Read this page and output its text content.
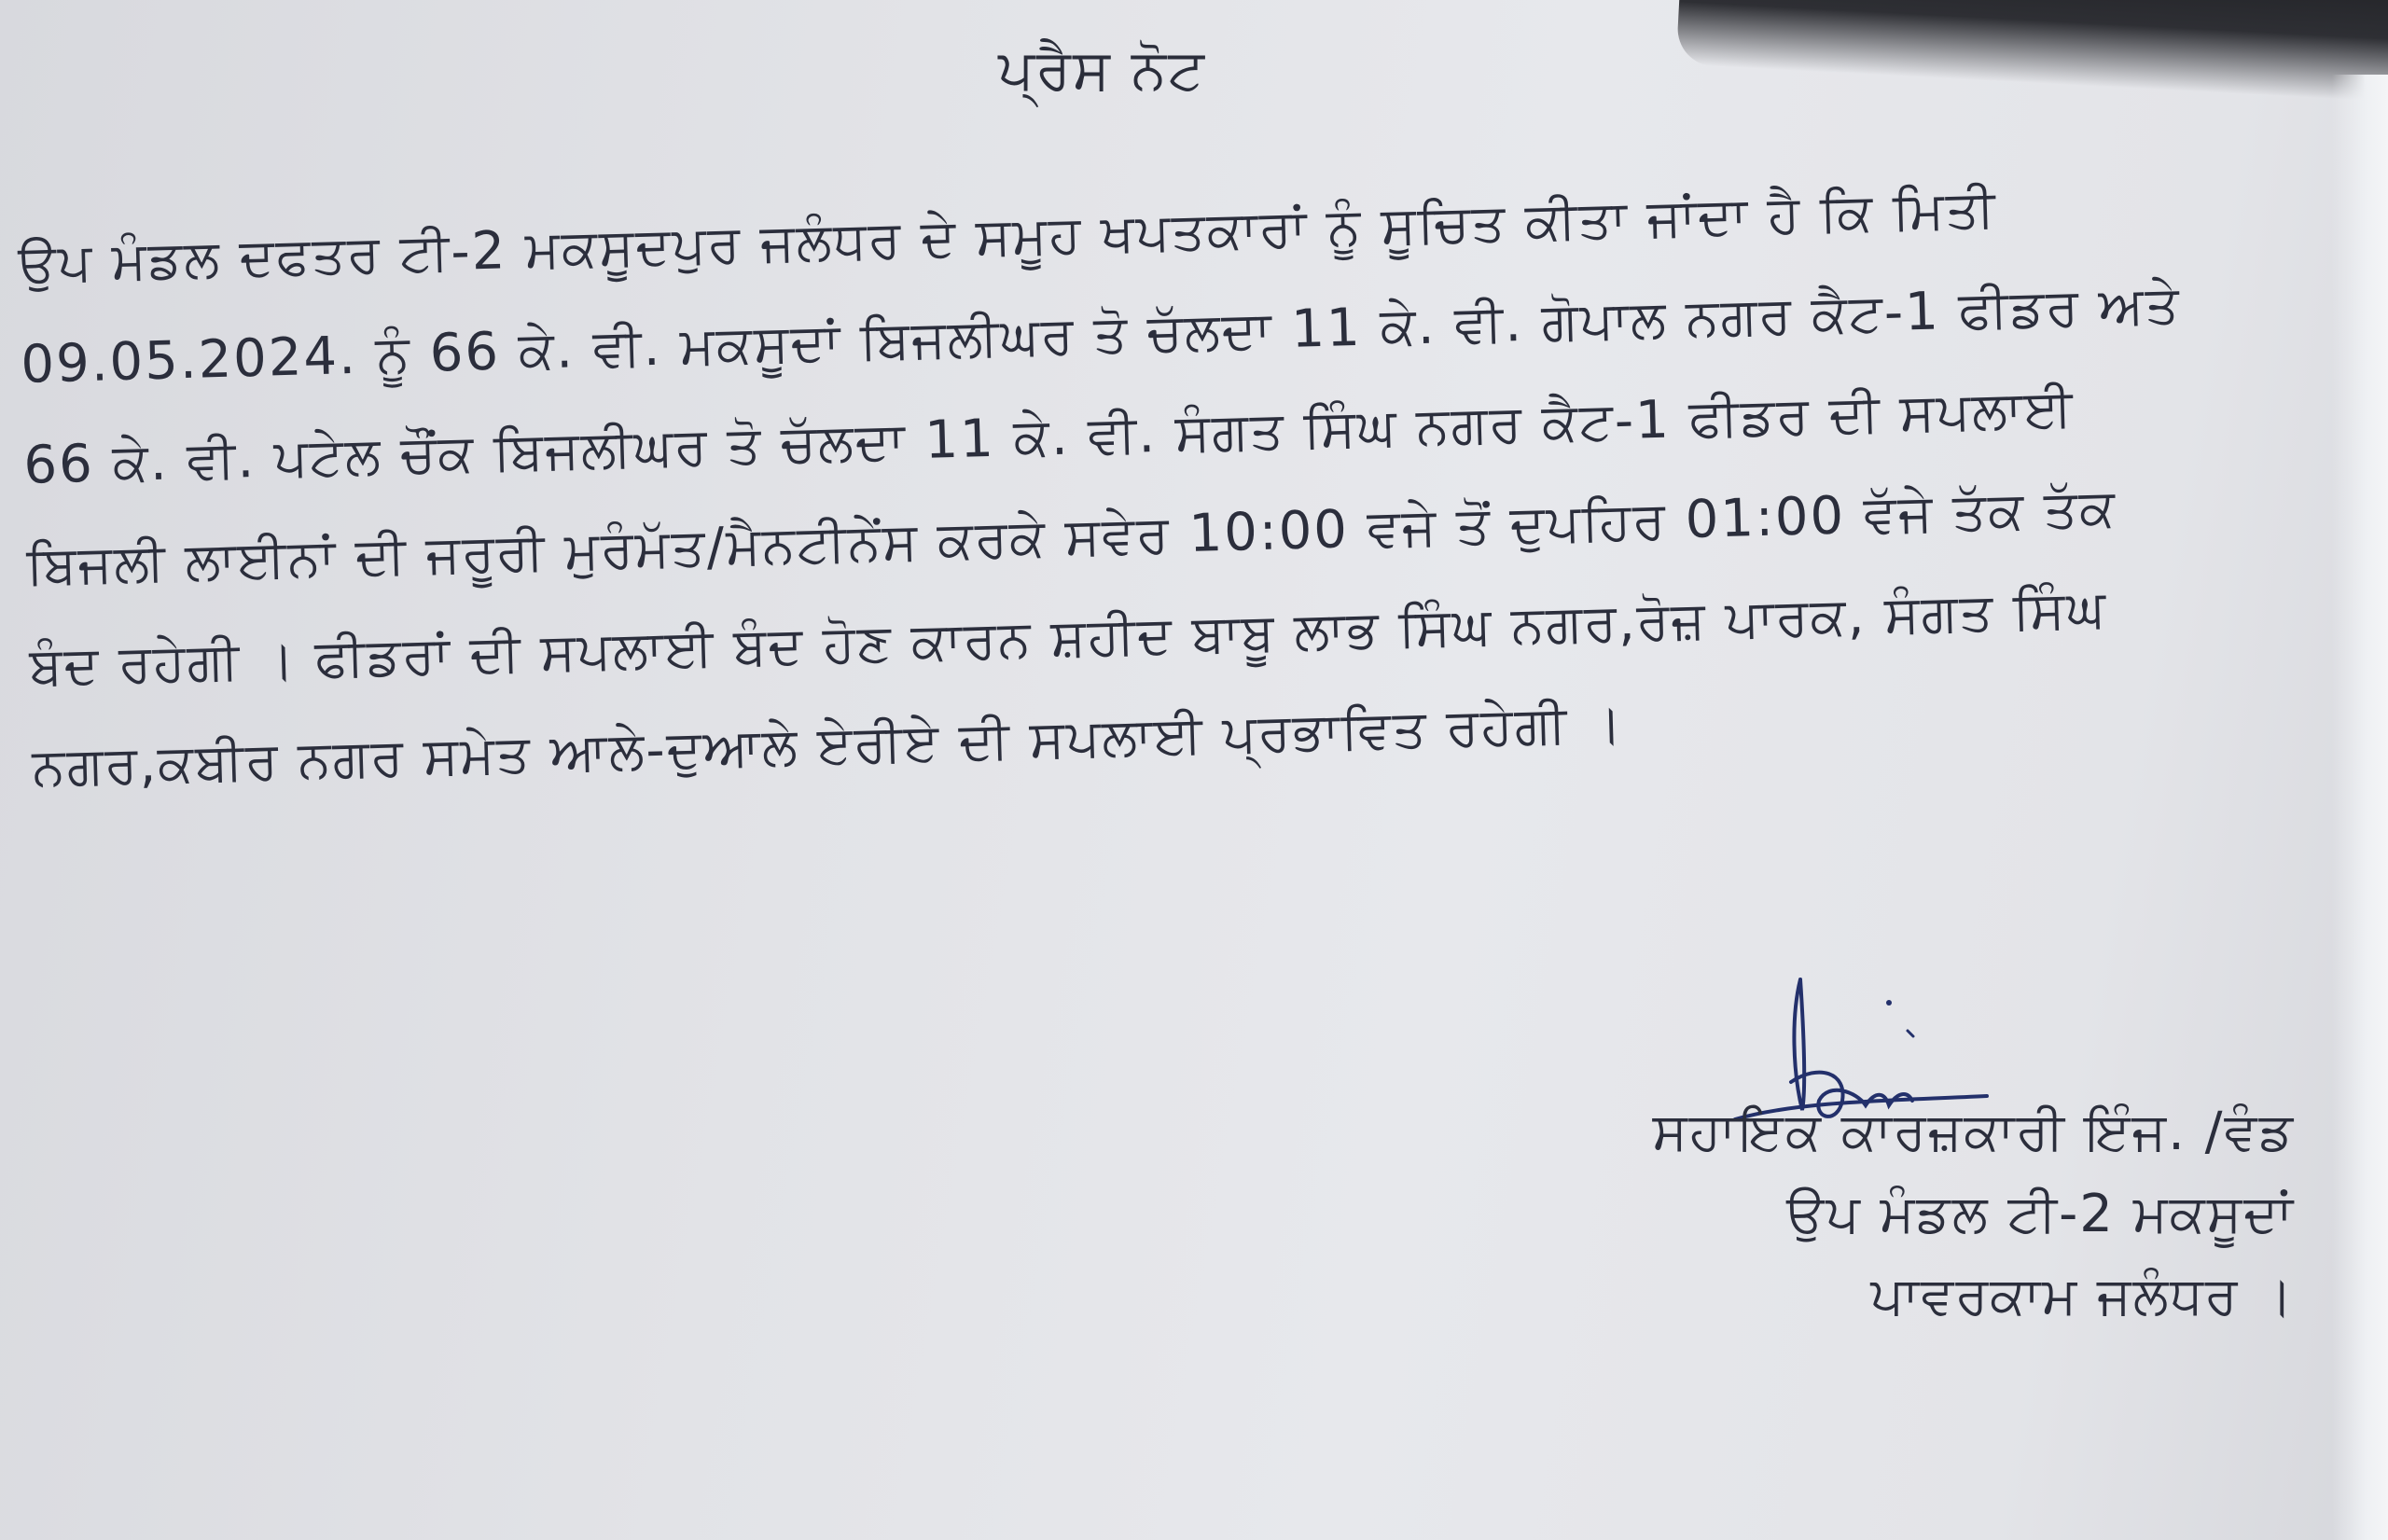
ਪ੍ਰੈਸ ਨੋਟ
ਉਪ ਮੰਡਲ ਦਫਤਰ ਟੀ-2 ਮਕਸੂਦਪੁਰ ਜਲੰਧਰ ਦੇ ਸਮੂਹ ਖਪਤਕਾਰਾਂ ਨੂੰ ਸੂਚਿਤ ਕੀਤਾ ਜਾਂਦਾ ਹੈ ਕਿ ਮਿਤੀ
09.05.2024. ਨੂੰ 66 ਕੇ. ਵੀ. ਮਕਸੂਦਾਂ ਬਿਜਲੀਘਰ ਤੋ ਚੱਲਦਾ 11 ਕੇ. ਵੀ. ਗੋਪਾਲ ਨਗਰ ਕੈਟ-1 ਫੀਡਰ ਅਤੇ
66 ਕੇ. ਵੀ. ਪਟੇਲ ਚੌਂਕ ਬਿਜਲੀਘਰ ਤੋ ਚੱਲਦਾ 11 ਕੇ. ਵੀ. ਸੰਗਤ ਸਿੰਘ ਨਗਰ ਕੈਟ-1 ਫੀਡਰ ਦੀ ਸਪਲਾਈ
ਬਿਜਲੀ ਲਾਈਨਾਂ ਦੀ ਜਰੂਰੀ ਮੁਰੰਮੱਤ/ਮੈਨਟੀਨੇਂਸ ਕਰਕੇ ਸਵੇਰ 10:00 ਵਜੇ ਤੋਂ ਦੁਪਹਿਰ 01:00 ਵੱਜੇ ਤੱਕ ਤੱਕ
ਬੰਦ ਰਹੇਗੀ । ਫੀਡਰਾਂ ਦੀ ਸਪਲਾਈ ਬੰਦ ਹੋਣ ਕਾਰਨ ਸ਼ਹੀਦ ਬਾਬੂ ਲਾਭ ਸਿੰਘ ਨਗਰ,ਰੋਜ਼ ਪਾਰਕ, ਸੰਗਤ ਸਿੰਘ
ਨਗਰ,ਕਬੀਰ ਨਗਰ ਸਮੇਤ ਆਲੇ-ਦੁਆਲੇ ਏਰੀਏ ਦੀ ਸਪਲਾਈ ਪ੍ਰਭਾਵਿਤ ਰਹੇਗੀ ।
ਸਹਾਇਕ ਕਾਰਜ਼ਕਾਰੀ ਇੰਜ. /ਵੰਡ
ਉਪ ਮੰਡਲ ਟੀ-2 ਮਕਸੂਦਾਂ
ਪਾਵਰਕਾਮ ਜਲੰਧਰ ।
